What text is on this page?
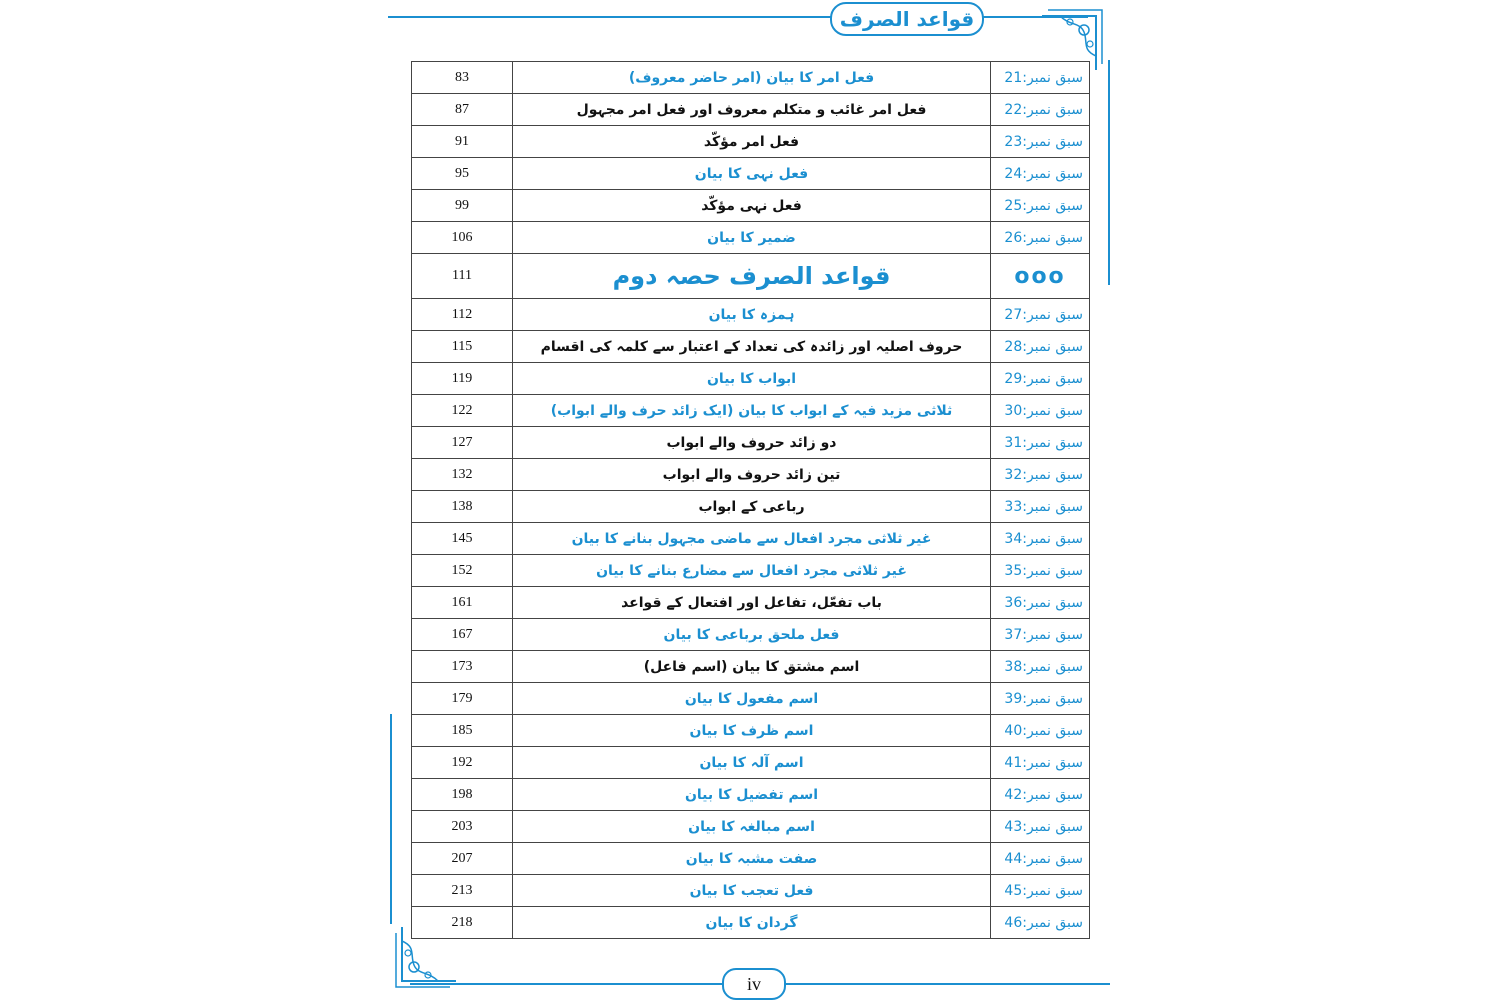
قواعد الصرف
83	فعل امر کا بیان (امر حاضر معروف)	سبق نمبر:21
87	فعل امر غائب و متکلم معروف اور فعل امر مجہول	سبق نمبر:22
91	فعل امر مؤکّد	سبق نمبر:23
95	فعل نہی کا بیان	سبق نمبر:24
99	فعل نہی مؤکّد	سبق نمبر:25
106	ضمیر کا بیان	سبق نمبر:26
111	قواعد الصرف حصہ دوم	ooo
112	ہمزہ کا بیان	سبق نمبر:27
115	حروف اصلیہ اور زائدہ کی تعداد کے اعتبار سے کلمہ کی اقسام	سبق نمبر:28
119	ابواب کا بیان	سبق نمبر:29
122	ثلاثی مزید فیہ کے ابواب کا بیان (ایک زائد حرف والے ابواب)	سبق نمبر:30
127	دو زائد حروف والے ابواب	سبق نمبر:31
132	تین زائد حروف والے ابواب	سبق نمبر:32
138	رباعی کے ابواب	سبق نمبر:33
145	غیر ثلاثی مجرد افعال سے ماضی مجہول بنانے کا بیان	سبق نمبر:34
152	غیر ثلاثی مجرد افعال سے مضارع بنانے کا بیان	سبق نمبر:35
161	باب تفعّل، تفاعل اور افتعال کے قواعد	سبق نمبر:36
167	فعل ملحق برباعی کا بیان	سبق نمبر:37
173	اسم مشتق کا بیان (اسم فاعل)	سبق نمبر:38
179	اسم مفعول کا بیان	سبق نمبر:39
185	اسم ظرف کا بیان	سبق نمبر:40
192	اسم آلہ کا بیان	سبق نمبر:41
198	اسم تفضیل کا بیان	سبق نمبر:42
203	اسم مبالغہ کا بیان	سبق نمبر:43
207	صفت مشبہ کا بیان	سبق نمبر:44
213	فعل تعجب کا بیان	سبق نمبر:45
218	گردان کا بیان	سبق نمبر:46
iv
